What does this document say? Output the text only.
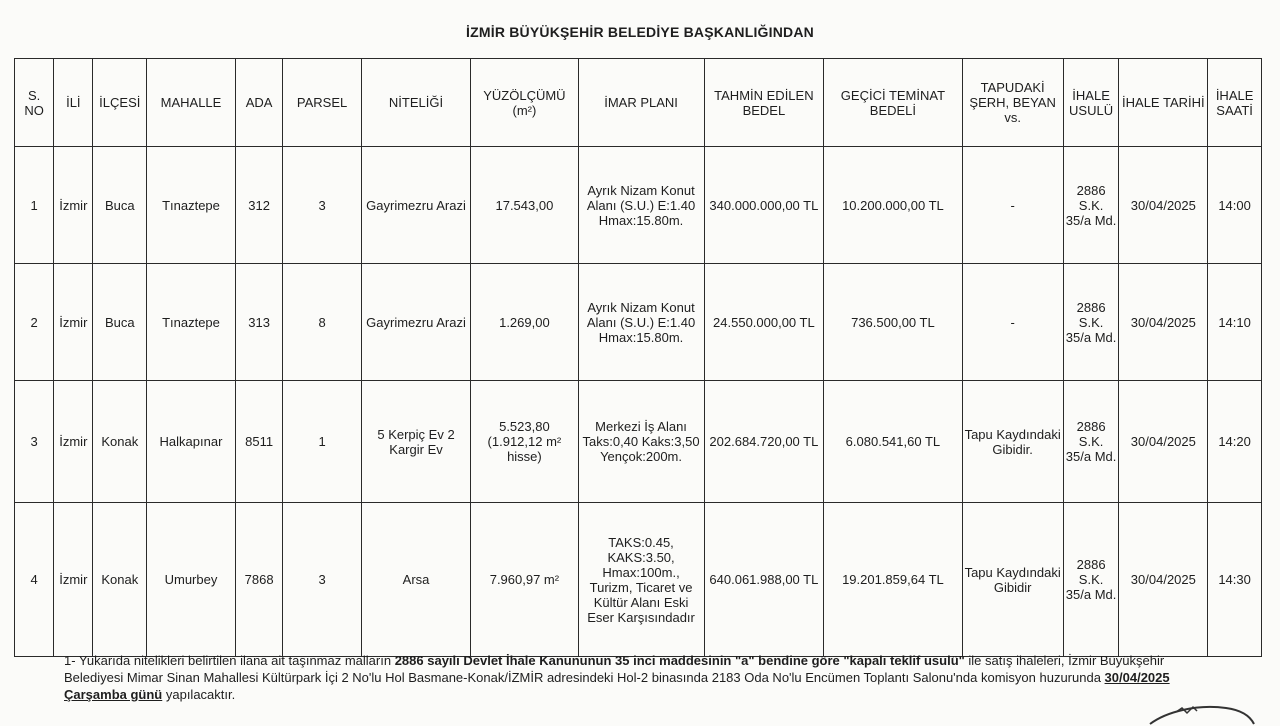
İZMİR BÜYÜKŞEHİR BELEDİYE BAŞKANLIĞINDAN
S. NO	İLİ	İLÇESİ	MAHALLE	ADA	PARSEL	NİTELİĞİ	YÜZÖLÇÜMÜ (m²)	İMAR PLANI	TAHMİN EDİLEN BEDEL	GEÇİCİ TEMİNAT BEDELİ	TAPUDAKİ ŞERH, BEYAN vs.	İHALE USULÜ	İHALE TARİHİ	İHALE SAATİ
1	İzmir	Buca	Tınaztepe	312	3	Gayrimezru Arazi	17.543,00	Ayrık Nizam Konut Alanı (S.U.) E:1.40 Hmax:15.80m.	340.000.000,00 TL	10.200.000,00 TL	-	2886 S.K. 35/a Md.	30/04/2025	14:00
2	İzmir	Buca	Tınaztepe	313	8	Gayrimezru Arazi	1.269,00	Ayrık Nizam Konut Alanı (S.U.) E:1.40 Hmax:15.80m.	24.550.000,00 TL	736.500,00 TL	-	2886 S.K. 35/a Md.	30/04/2025	14:10
3	İzmir	Konak	Halkapınar	8511	1	5 Kerpiç Ev 2 Kargir Ev	5.523,80 (1.912,12 m² hisse)	Merkezi İş Alanı Taks:0,40 Kaks:3,50 Yençok:200m.	202.684.720,00 TL	6.080.541,60 TL	Tapu Kaydındaki Gibidir.	2886 S.K. 35/a Md.	30/04/2025	14:20
4	İzmir	Konak	Umurbey	7868	3	Arsa	7.960,97 m²	TAKS:0.45, KAKS:3.50, Hmax:100m., Turizm, Ticaret ve Kültür Alanı Eski Eser Karşısındadır	640.061.988,00 TL	19.201.859,64 TL	Tapu Kaydındaki Gibidir	2886 S.K. 35/a Md.	30/04/2025	14:30
1- Yukarıda nitelikleri belirtilen ilana ait taşınmaz malların 2886 sayılı Devlet İhale Kanununun 35 inci maddesinin "a" bendine göre "kapalı teklif usulü" ile satış ihaleleri, İzmir Büyükşehir Belediyesi Mimar Sinan Mahallesi Kültürpark İçi 2 No'lu Hol Basmane-Konak/İZMİR adresindeki Hol-2 binasında 2183 Oda No'lu Encümen Toplantı Salonu'nda komisyon huzurunda 30/04/2025 Çarşamba günü yapılacaktır.
